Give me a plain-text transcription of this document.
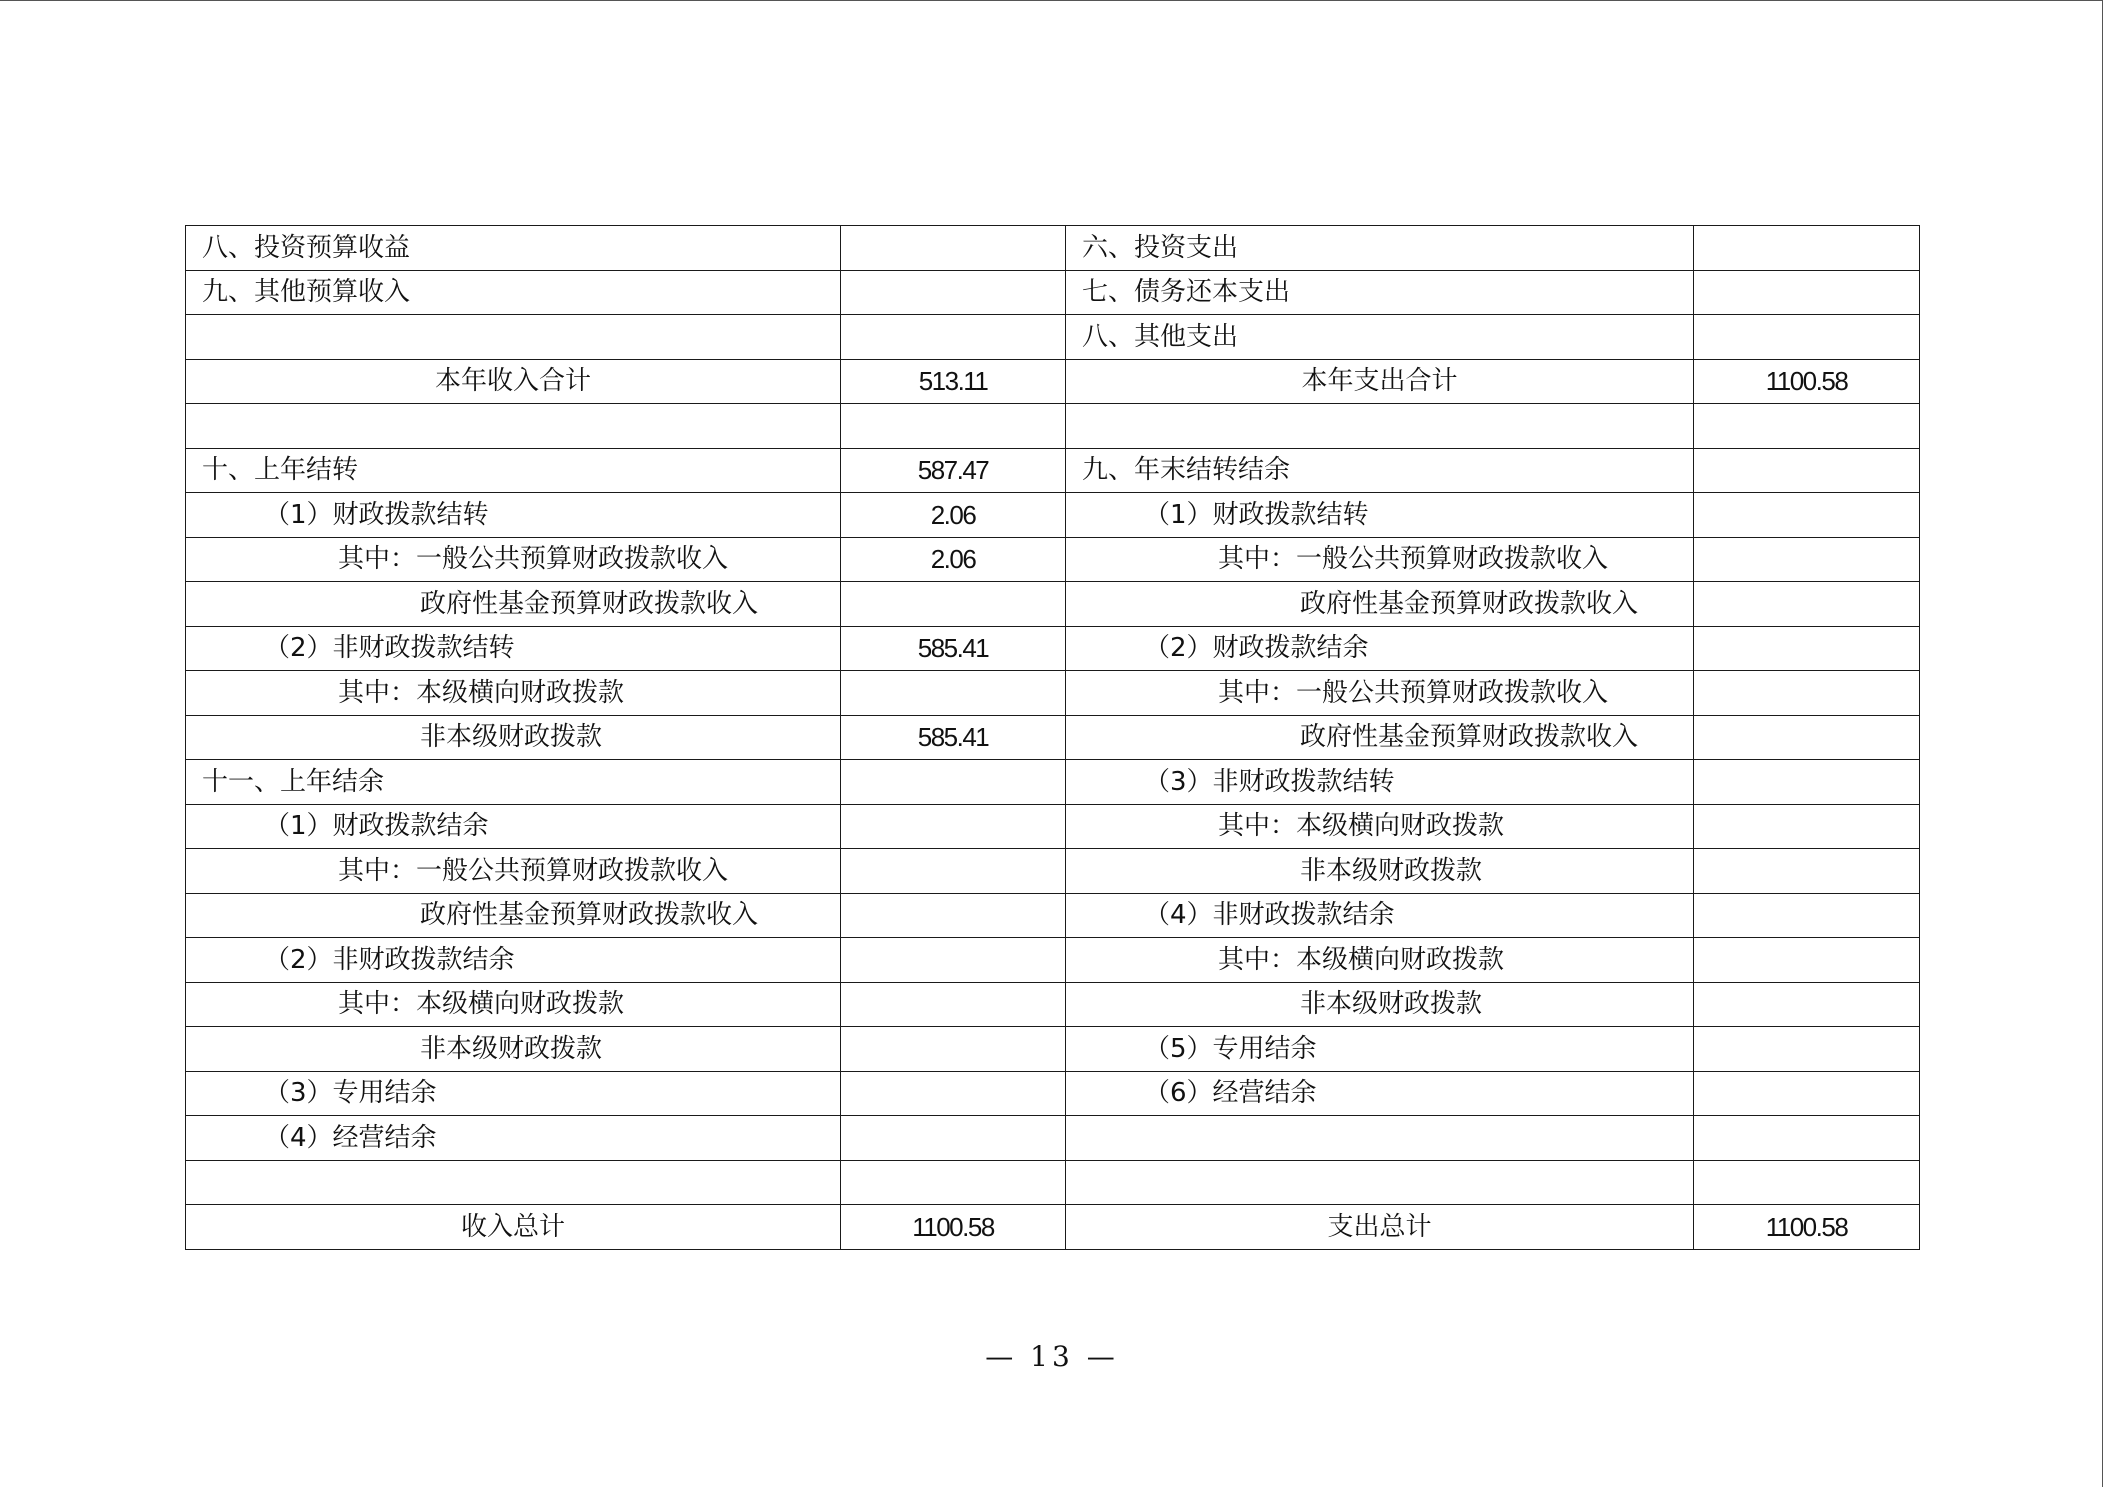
八、投资预算收益		六、投资支出	
九、其他预算收入		七、债务还本支出	
		八、其他支出	
本年收入合计	513.11	本年支出合计	1100.58

十、上年结转	587.47	九、年末结转结余	
（1）财政拨款结转	2.06	（1）财政拨款结转	
其中：一般公共预算财政拨款收入	2.06	其中：一般公共预算财政拨款收入	
政府性基金预算财政拨款收入		政府性基金预算财政拨款收入	
（2）非财政拨款结转	585.41	（2）财政拨款结余	
其中：本级横向财政拨款		其中：一般公共预算财政拨款收入	
非本级财政拨款	585.41	政府性基金预算财政拨款收入	
十一、上年结余		（3）非财政拨款结转	
（1）财政拨款结余		其中：本级横向财政拨款	
其中：一般公共预算财政拨款收入		非本级财政拨款	
政府性基金预算财政拨款收入		（4）非财政拨款结余	
（2）非财政拨款结余		其中：本级横向财政拨款	
其中：本级横向财政拨款		非本级财政拨款	
非本级财政拨款		（5）专用结余	
（3）专用结余		（6）经营结余	
（4）经营结余			

收入总计	1100.58	支出总计	1100.58
— 13 —
